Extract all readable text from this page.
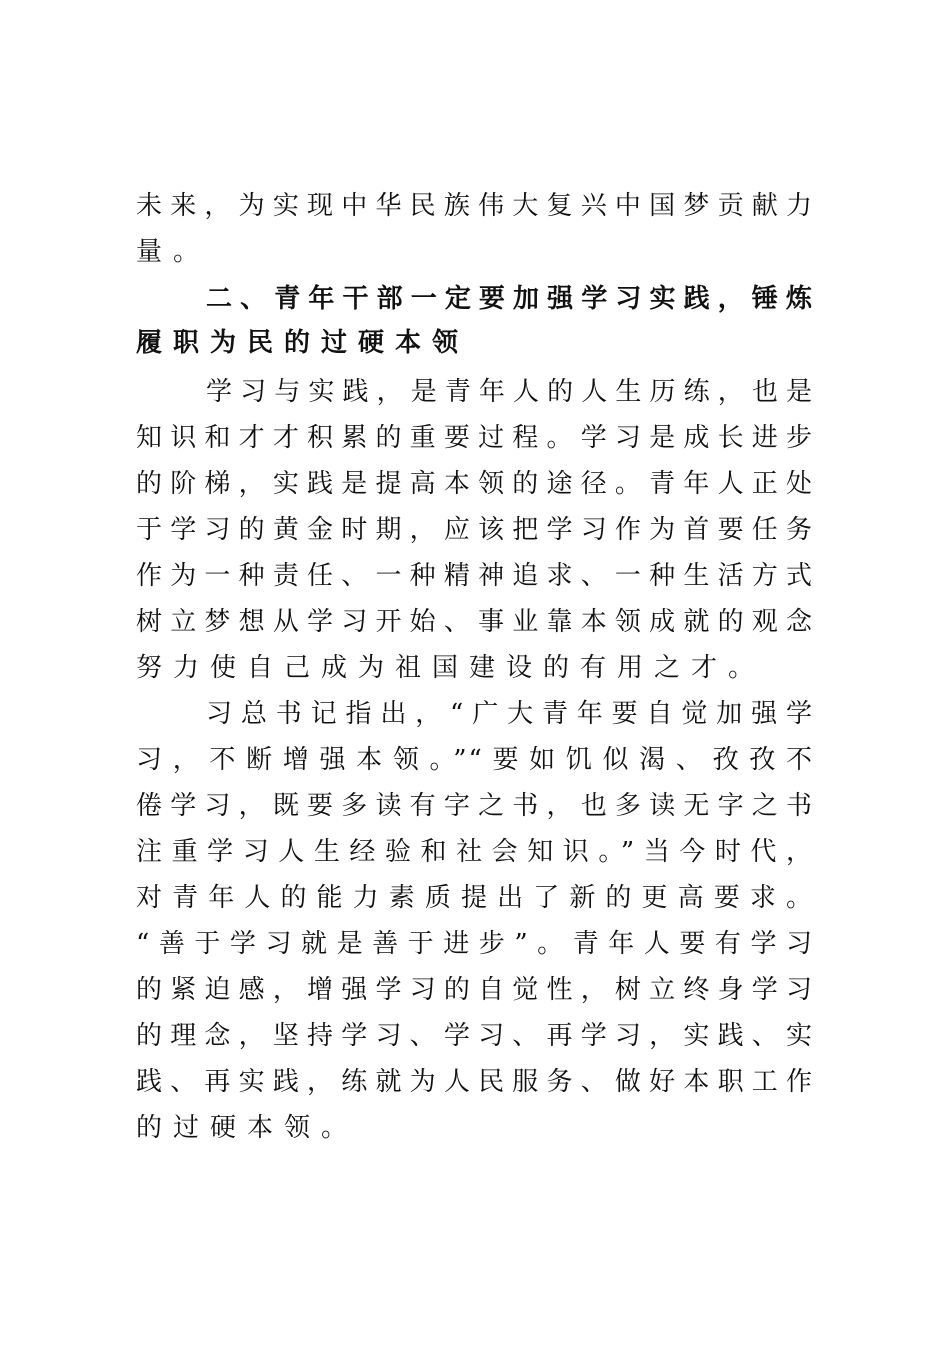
未来，为实现中华民族伟大复兴中国梦贡献力
量。
二、青年干部一定要加强学习实践，锤炼
履职为民的过硬本领
学习与实践，是青年人的人生历练，也是
知识和才才积累的重要过程。学习是成长进步
的阶梯，实践是提高本领的途径。青年人正处
于学习的黄金时期，应该把学习作为首要任务
作为一种责任、一种精神追求、一种生活方式
树立梦想从学习开始、事业靠本领成就的观念
努力使自己成为祖国建设的有用之才。
习总书记指出，“广大青年要自觉加强学
习，不断增强本领。”“要如饥似渴、孜孜不
倦学习，既要多读有字之书，也多读无字之书
注重学习人生经验和社会知识。”当今时代，
对青年人的能力素质提出了新的更高要求。
“善于学习就是善于进步”。青年人要有学习
的紧迫感，增强学习的自觉性，树立终身学习
的理念，坚持学习、学习、再学习，实践、实
践、再实践，练就为人民服务、做好本职工作
的过硬本领。
